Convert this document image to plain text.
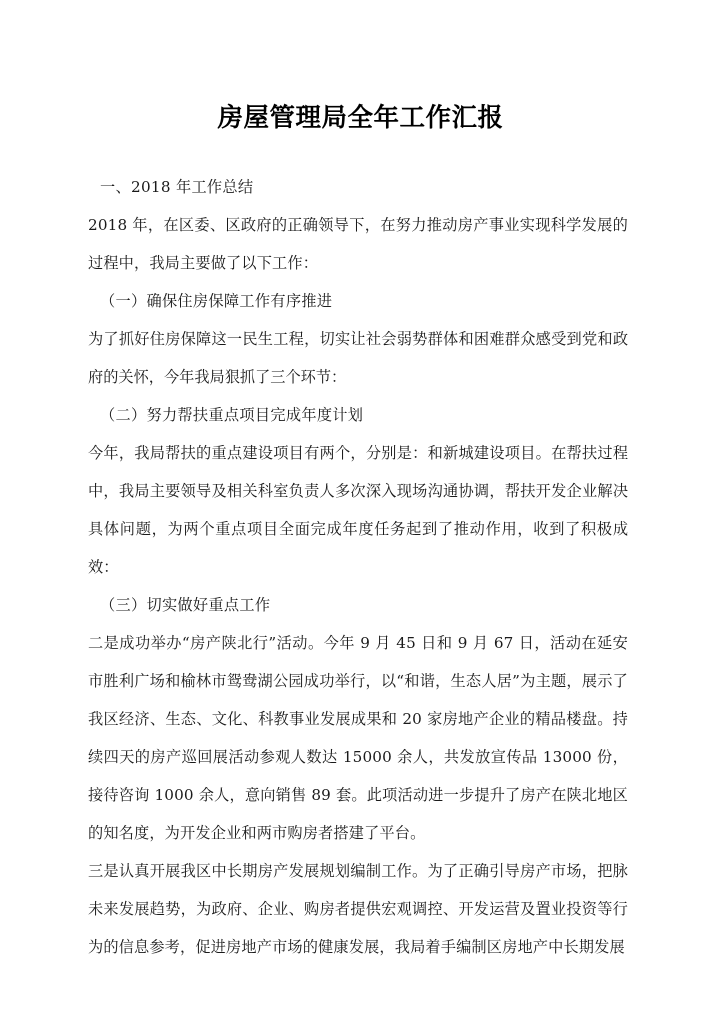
房屋管理局全年工作汇报

一、2018 年工作总结

2018 年，在区委、区政府的正确领导下，在努力推动房产事业实现科学发展的过程中，我局主要做了以下工作：

（一）确保住房保障工作有序推进

为了抓好住房保障这一民生工程，切实让社会弱势群体和困难群众感受到党和政府的关怀，今年我局狠抓了三个环节：

（二）努力帮扶重点项目完成年度计划

今年，我局帮扶的重点建设项目有两个，分别是：和新城建设项目。在帮扶过程中，我局主要领导及相关科室负责人多次深入现场沟通协调，帮扶开发企业解决具体问题，为两个重点项目全面完成年度任务起到了推动作用，收到了积极成效：

（三）切实做好重点工作

二是成功举办“房产陕北行”活动。今年 9 月 45 日和 9 月 67 日，活动在延安市胜利广场和榆林市鸳鸯湖公园成功举行，以“和谐，生态人居”为主题，展示了我区经济、生态、文化、科教事业发展成果和 20 家房地产企业的精品楼盘。持续四天的房产巡回展活动参观人数达 15000 余人，共发放宣传品 13000 份，接待咨询 1000 余人，意向销售 89 套。此项活动进一步提升了房产在陕北地区的知名度，为开发企业和两市购房者搭建了平台。

三是认真开展我区中长期房产发展规划编制工作。为了正确引导房产市场，把脉未来发展趋势，为政府、企业、购房者提供宏观调控、开发运营及置业投资等行为的信息参考，促进房地产市场的健康发展，我局着手编制区房地产中长期发展
